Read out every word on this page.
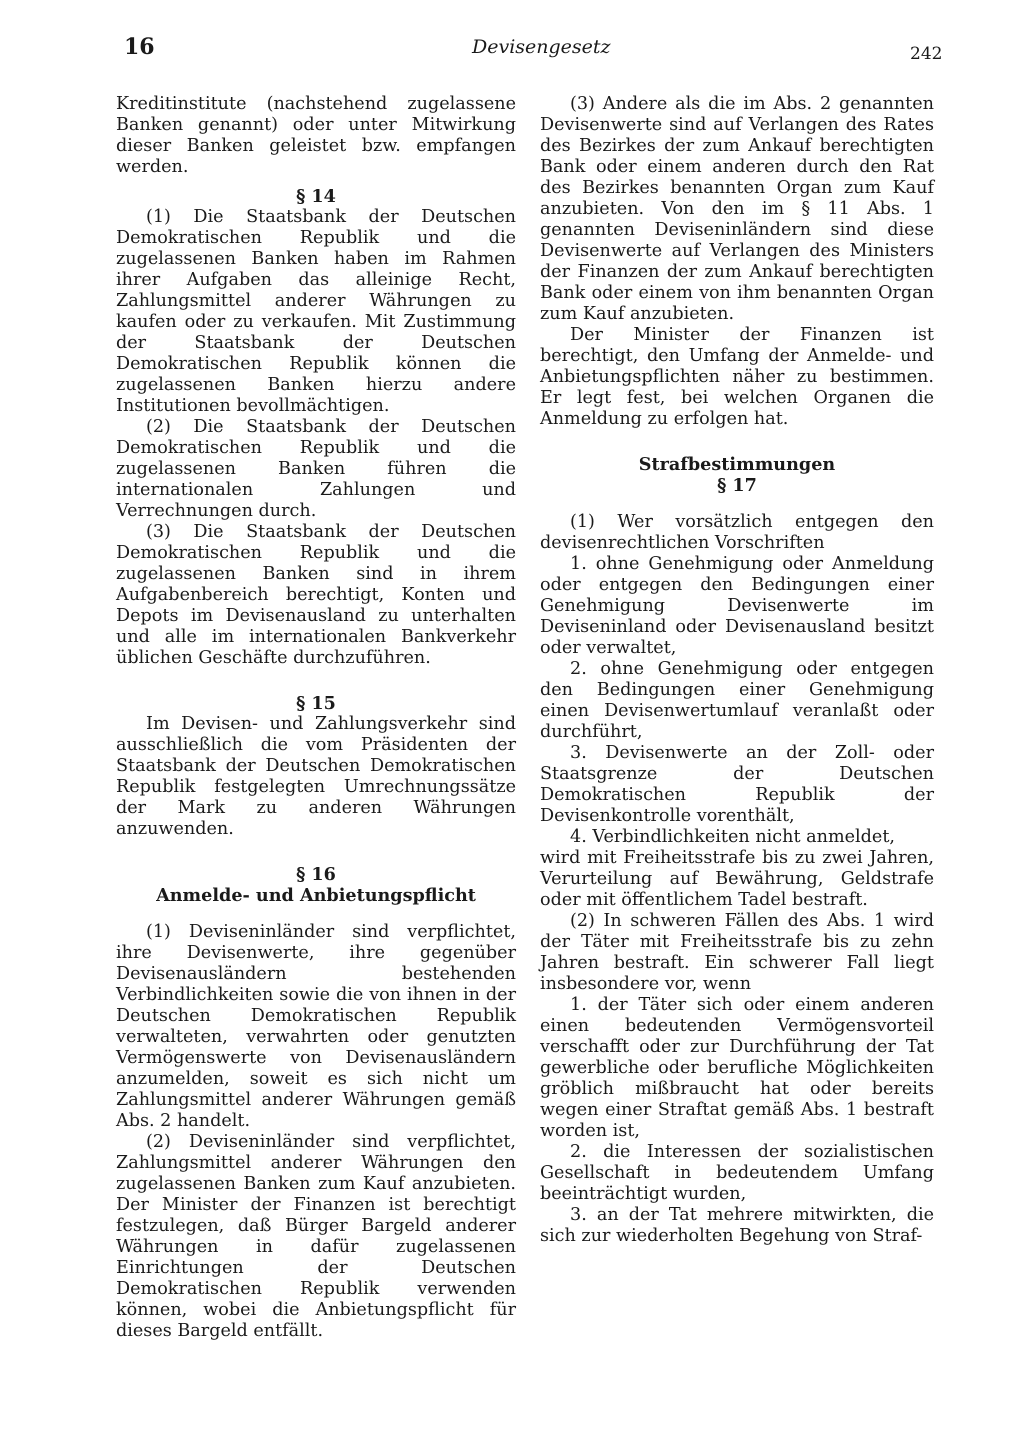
16	Devisengesetz	242

Kreditinstitute (nachstehend zugelassene Banken genannt) oder unter Mitwirkung dieser Banken geleistet bzw. empfangen werden.

§ 14

(1) Die Staatsbank der Deutschen Demokratischen Republik und die zugelassenen Banken haben im Rahmen ihrer Aufgaben das alleinige Recht, Zahlungsmittel anderer Währungen zu kaufen oder zu verkaufen. Mit Zustimmung der Staatsbank der Deutschen Demokratischen Republik können die zugelassenen Banken hierzu andere Institutionen bevollmächtigen.

(2) Die Staatsbank der Deutschen Demokratischen Republik und die zugelassenen Banken führen die internationalen Zahlungen und Verrechnungen durch.

(3) Die Staatsbank der Deutschen Demokratischen Republik und die zugelassenen Banken sind in ihrem Aufgabenbereich berechtigt, Konten und Depots im Devisenausland zu unterhalten und alle im internationalen Bankverkehr üblichen Geschäfte durchzuführen.

§ 15

Im Devisen- und Zahlungsverkehr sind ausschließlich die vom Präsidenten der Staatsbank der Deutschen Demokratischen Republik festgelegten Umrechnungssätze der Mark zu anderen Währungen anzuwenden.

§ 16
Anmelde- und Anbietungspflicht

(1) Deviseninländer sind verpflichtet, ihre Devisenwerte, ihre gegenüber Devisenausländern bestehenden Verbindlichkeiten sowie die von ihnen in der Deutschen Demokratischen Republik verwalteten, verwahrten oder genutzten Vermögenswerte von Devisenausländern anzumelden, soweit es sich nicht um Zahlungsmittel anderer Währungen gemäß Abs. 2 handelt.

(2) Deviseninländer sind verpflichtet, Zahlungsmittel anderer Währungen den zugelassenen Banken zum Kauf anzubieten. Der Minister der Finanzen ist berechtigt festzulegen, daß Bürger Bargeld anderer Währungen in dafür zugelassenen Einrichtungen der Deutschen Demokratischen Republik verwenden können, wobei die Anbietungspflicht für dieses Bargeld entfällt.

(3) Andere als die im Abs. 2 genannten Devisenwerte sind auf Verlangen des Rates des Bezirkes der zum Ankauf berechtigten Bank oder einem anderen durch den Rat des Bezirkes benannten Organ zum Kauf anzubieten. Von den im § 11 Abs. 1 genannten Deviseninländern sind diese Devisenwerte auf Verlangen des Ministers der Finanzen der zum Ankauf berechtigten Bank oder einem von ihm benannten Organ zum Kauf anzubieten.

Der Minister der Finanzen ist berechtigt, den Umfang der Anmelde- und Anbietungspflichten näher zu bestimmen. Er legt fest, bei welchen Organen die Anmeldung zu erfolgen hat.

Strafbestimmungen
§ 17

(1) Wer vorsätzlich entgegen den devisenrechtlichen Vorschriften

1. ohne Genehmigung oder Anmeldung oder entgegen den Bedingungen einer Genehmigung Devisenwerte im Deviseninland oder Devisenausland besitzt oder verwaltet,

2. ohne Genehmigung oder entgegen den Bedingungen einer Genehmigung einen Devisenwertumlauf veranlaßt oder durchführt,

3. Devisenwerte an der Zoll- oder Staatsgrenze der Deutschen Demokratischen Republik der Devisenkontrolle vorenthält,

4. Verbindlichkeiten nicht anmeldet,

wird mit Freiheitsstrafe bis zu zwei Jahren, Verurteilung auf Bewährung, Geldstrafe oder mit öffentlichem Tadel bestraft.

(2) In schweren Fällen des Abs. 1 wird der Täter mit Freiheitsstrafe bis zu zehn Jahren bestraft. Ein schwerer Fall liegt insbesondere vor, wenn

1. der Täter sich oder einem anderen einen bedeutenden Vermögensvorteil verschafft oder zur Durchführung der Tat gewerbliche oder berufliche Möglichkeiten gröblich mißbraucht hat oder bereits wegen einer Straftat gemäß Abs. 1 bestraft worden ist,

2. die Interessen der sozialistischen Gesellschaft in bedeutendem Umfang beeinträchtigt wurden,

3. an der Tat mehrere mitwirkten, die sich zur wiederholten Begehung von Straf-
